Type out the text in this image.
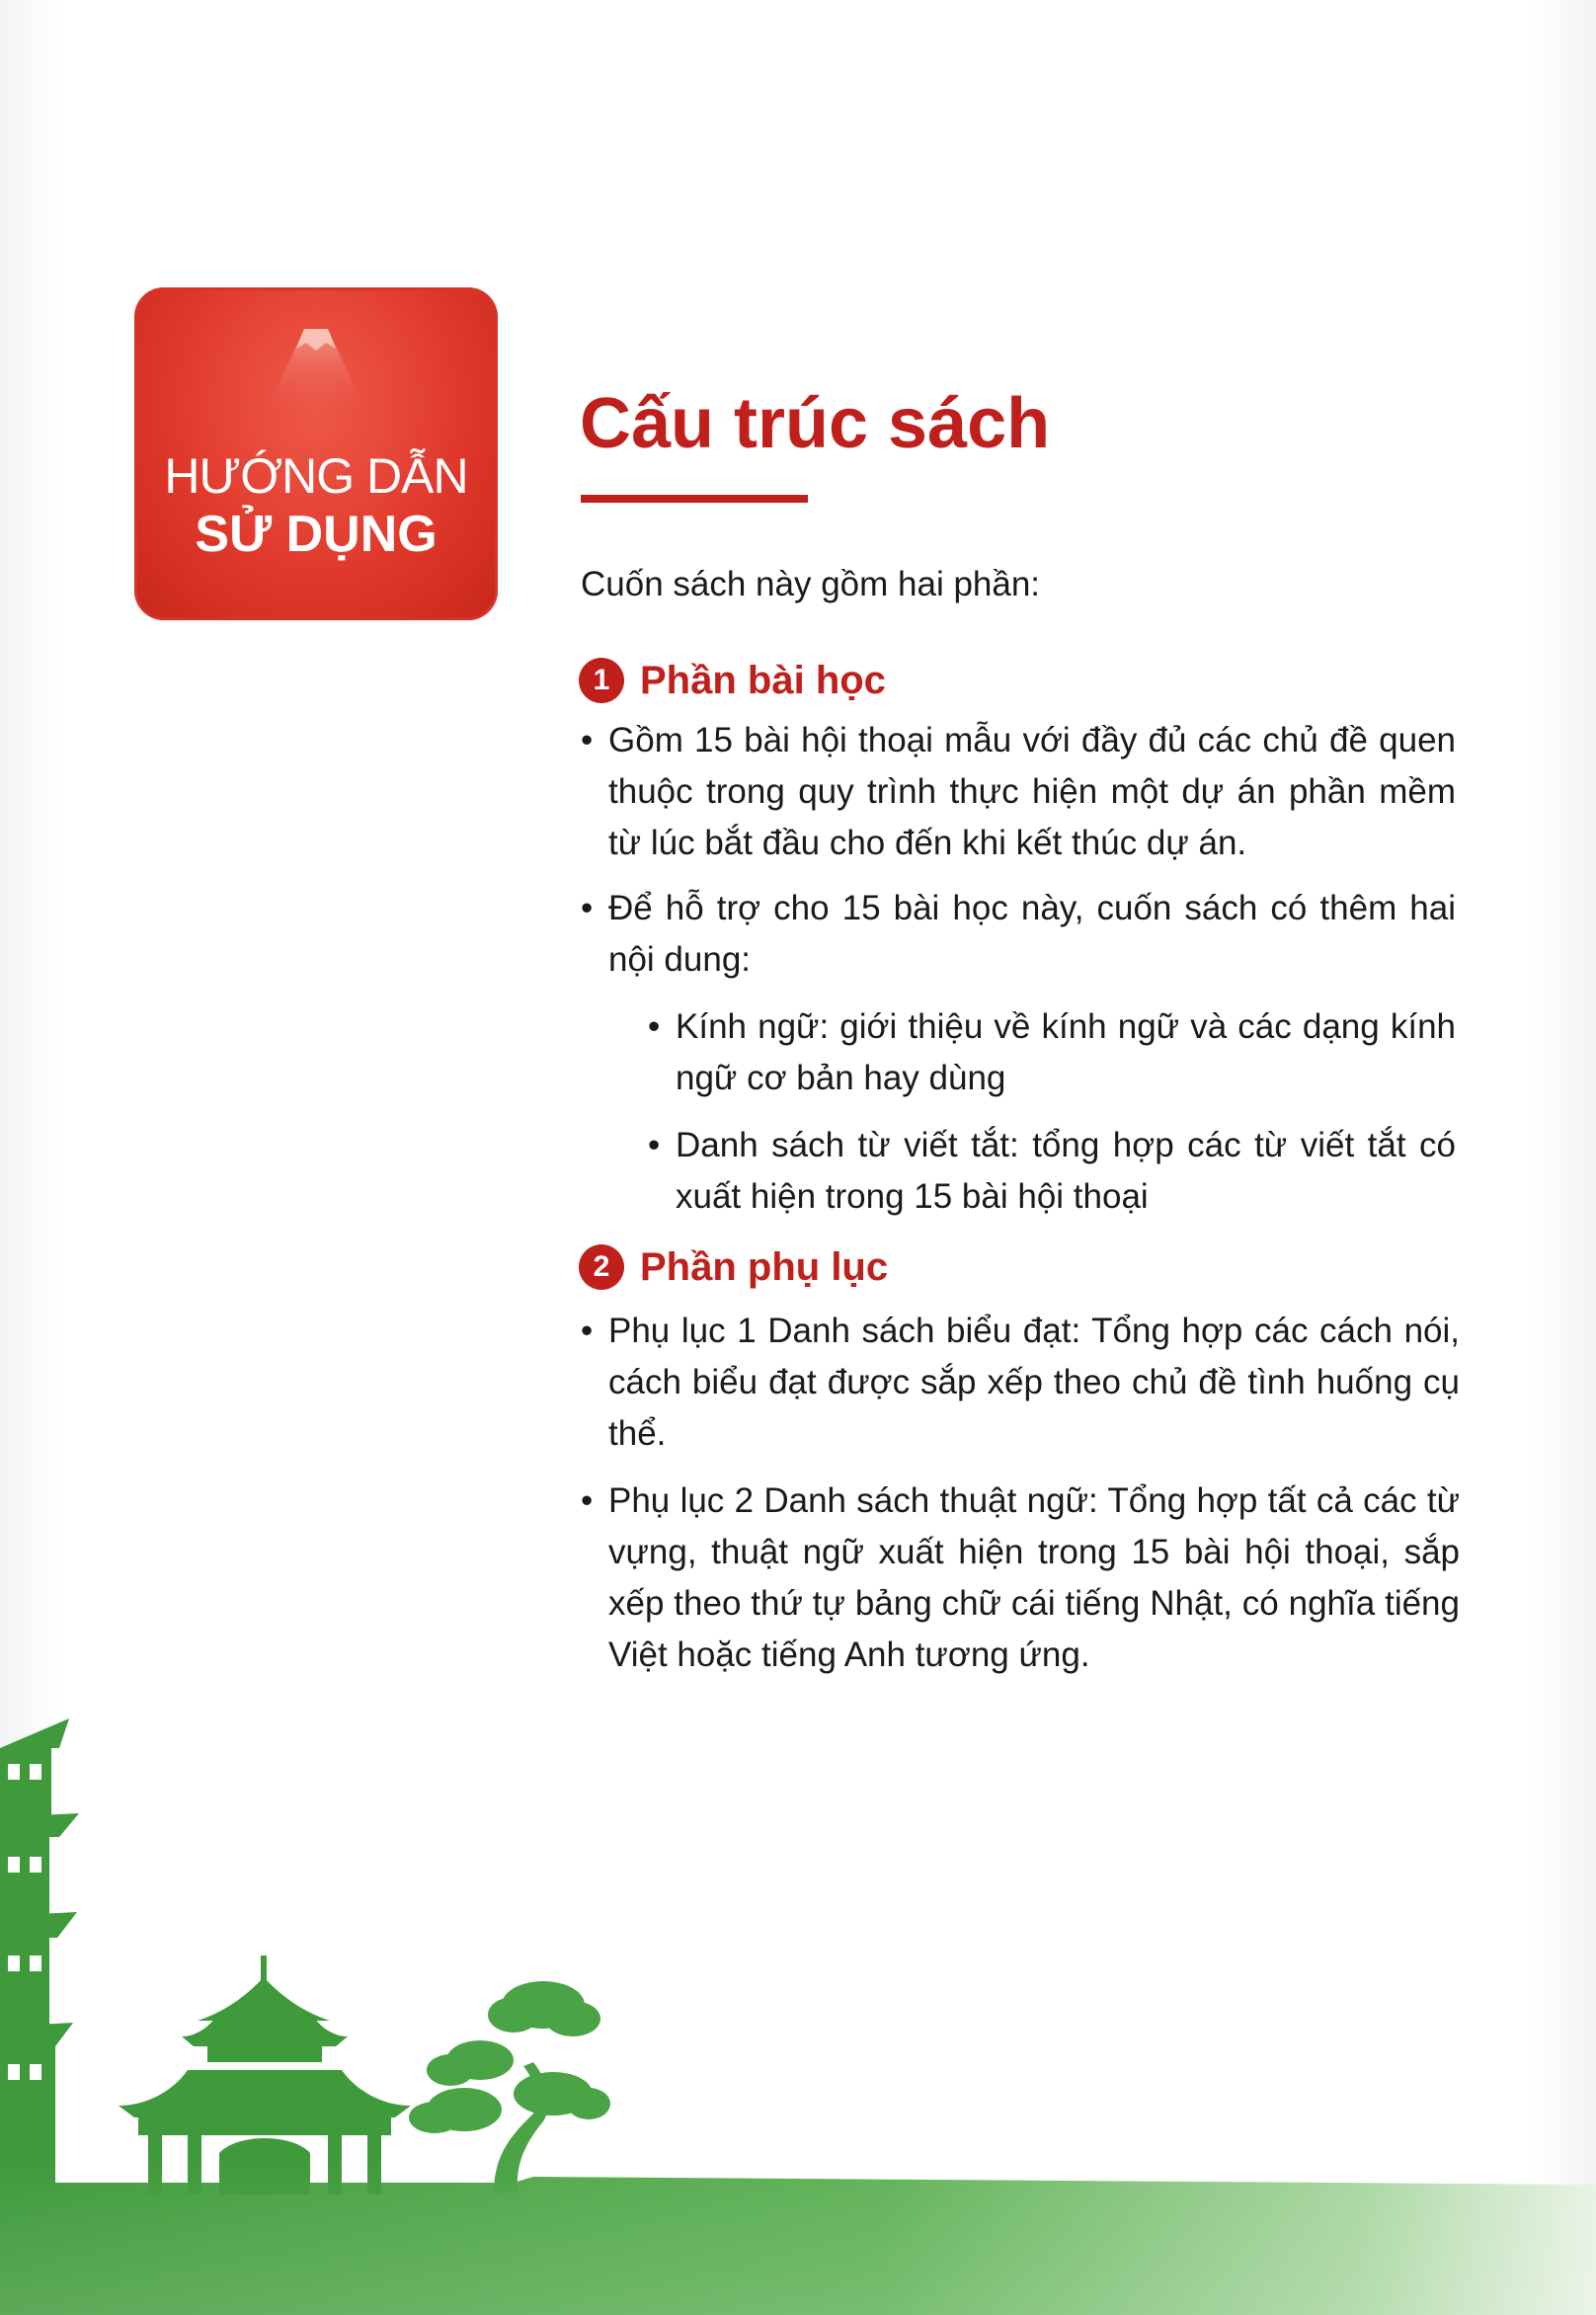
HƯỚNG DẪN
SỬ DỤNG
Cấu trúc sách
Cuốn sách này gồm hai phần:
1 Phần bài học
• Gồm 15 bài hội thoại mẫu với đầy đủ các chủ đề quen thuộc trong quy trình thực hiện một dự án phần mềm từ lúc bắt đầu cho đến khi kết thúc dự án.
• Để hỗ trợ cho 15 bài học này, cuốn sách có thêm hai nội dung:
• Kính ngữ: giới thiệu về kính ngữ và các dạng kính ngữ cơ bản hay dùng
• Danh sách từ viết tắt: tổng hợp các từ viết tắt có xuất hiện trong 15 bài hội thoại
2 Phần phụ lục
• Phụ lục 1 Danh sách biểu đạt: Tổng hợp các cách nói, cách biểu đạt được sắp xếp theo chủ đề tình huống cụ thể.
• Phụ lục 2 Danh sách thuật ngữ: Tổng hợp tất cả các từ vựng, thuật ngữ xuất hiện trong 15 bài hội thoại, sắp xếp theo thứ tự bảng chữ cái tiếng Nhật, có nghĩa tiếng Việt hoặc tiếng Anh tương ứng.
